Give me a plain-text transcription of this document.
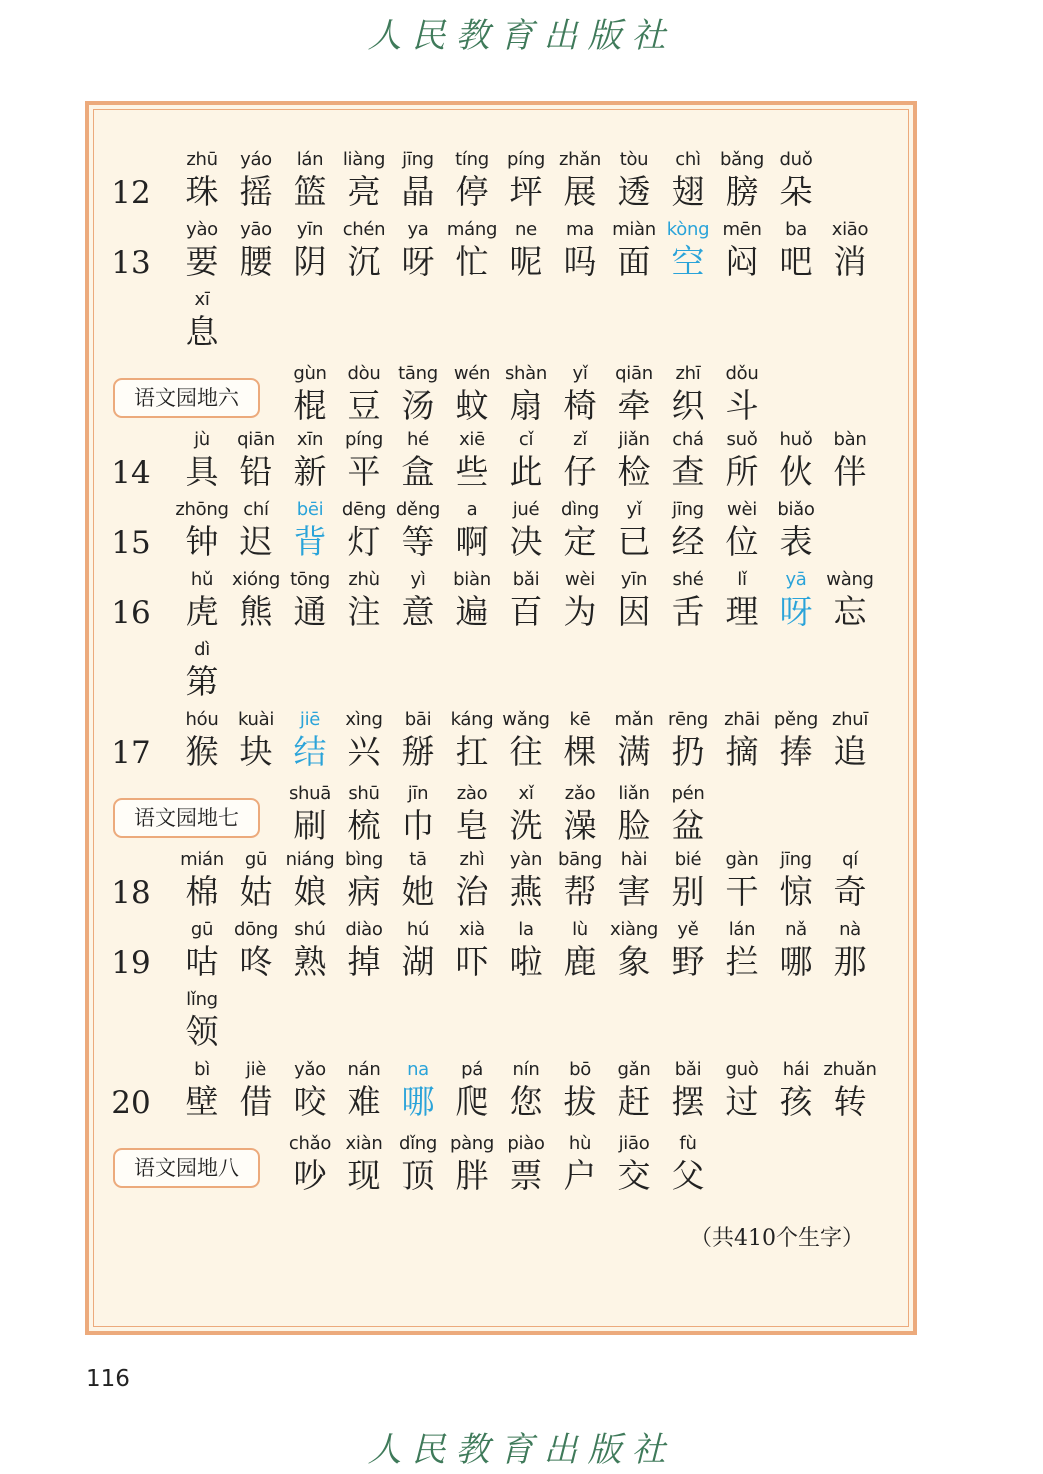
人民教育出版社
12
zhū
珠
yáo
摇
lán
篮
liàng
亮
jīng
晶
tíng
停
píng
坪
zhǎn
展
tòu
透
chì
翅
bǎng
膀
duǒ
朵
13
yào
要
yāo
腰
yīn
阴
chén
沉
ya
呀
máng
忙
ne
呢
ma
吗
miàn
面
kòng
空
mēn
闷
ba
吧
xiāo
消
xī
息
语文园地六
gùn
棍
dòu
豆
tāng
汤
wén
蚊
shàn
扇
yǐ
椅
qiān
牵
zhī
织
dǒu
斗
14
jù
具
qiān
铅
xīn
新
píng
平
hé
盒
xiē
些
cǐ
此
zǐ
仔
jiǎn
检
chá
查
suǒ
所
huǒ
伙
bàn
伴
15
zhōng
钟
chí
迟
bēi
背
dēng
灯
děng
等
a
啊
jué
决
dìng
定
yǐ
已
jīng
经
wèi
位
biǎo
表
16
hǔ
虎
xióng
熊
tōng
通
zhù
注
yì
意
biàn
遍
bǎi
百
wèi
为
yīn
因
shé
舌
lǐ
理
yā
呀
wàng
忘
dì
第
17
hóu
猴
kuài
块
jiē
结
xìng
兴
bāi
掰
káng
扛
wǎng
往
kē
棵
mǎn
满
rēng
扔
zhāi
摘
pěng
捧
zhuī
追
语文园地七
shuā
刷
shū
梳
jīn
巾
zào
皂
xǐ
洗
zǎo
澡
liǎn
脸
pén
盆
18
mián
棉
gū
姑
niáng
娘
bìng
病
tā
她
zhì
治
yàn
燕
bāng
帮
hài
害
bié
别
gàn
干
jīng
惊
qí
奇
19
gū
咕
dōng
咚
shú
熟
diào
掉
hú
湖
xià
吓
la
啦
lù
鹿
xiàng
象
yě
野
lán
拦
nǎ
哪
nà
那
lǐng
领
20
bì
壁
jiè
借
yǎo
咬
nán
难
na
哪
pá
爬
nín
您
bō
拔
gǎn
赶
bǎi
摆
guò
过
hái
孩
zhuǎn
转
语文园地八
chǎo
吵
xiàn
现
dǐng
顶
pàng
胖
piào
票
hù
户
jiāo
交
fù
父
（共410个生字）
116
人民教育出版社
